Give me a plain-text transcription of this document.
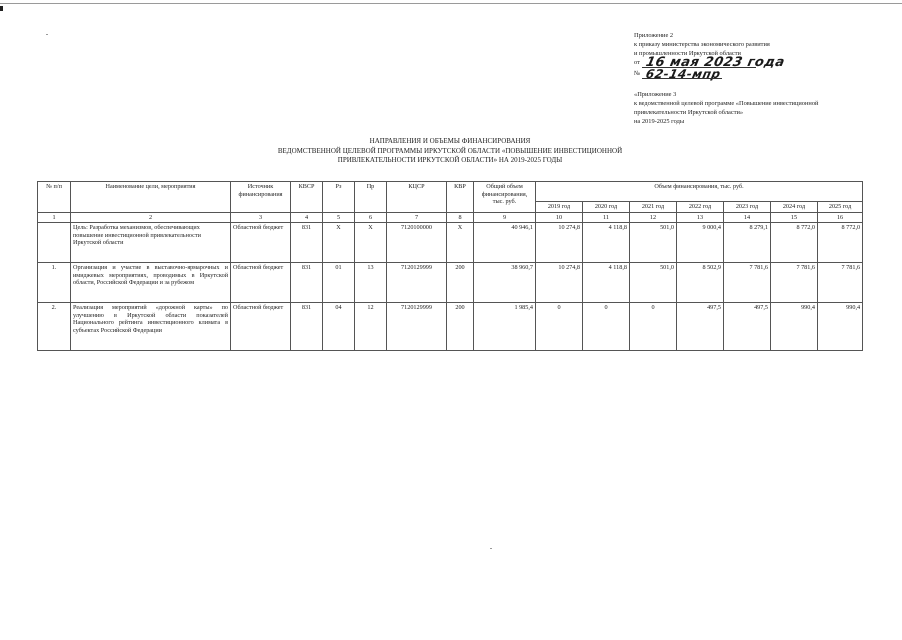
Приложение 2
к приказу министерства экономического развития
и промышленности Иркутской области
от 16 мая 2023 года
№ 62-14-мпр
«Приложение 3
к ведомственной целевой программе «Повышение инвестиционной
привлекательности Иркутской области»
на 2019-2025 годы
НАПРАВЛЕНИЯ И ОБЪЕМЫ ФИНАНСИРОВАНИЯ
ВЕДОМСТВЕННОЙ ЦЕЛЕВОЙ ПРОГРАММЫ ИРКУТСКОЙ ОБЛАСТИ «ПОВЫШЕНИЕ ИНВЕСТИЦИОННОЙ
ПРИВЛЕКАТЕЛЬНОСТИ ИРКУТСКОЙ ОБЛАСТИ» НА 2019-2025 ГОДЫ
№ п/п	Наименование цели, мероприятия	Источник финансирования	КВСР	Рз	Пр	КЦСР	КВР	Общий объем финансирования, тыс. руб.	Объем финансирования, тыс. руб.						
									2019 год	2020 год	2021 год	2022 год	2023 год	2024 год	2025 год
1	2	3	4	5	6	7	8	9	10	11	12	13	14	15	16
	Цель: Разработка механизмов, обеспечивающих повышение инвестиционной привлекательности Иркутской области	Областной бюджет	831	Х	Х	7120100000	Х	40 946,1	10 274,8	4 118,8	501,0	9 000,4	8 279,1	8 772,0	8 772,0
1.	Организация и участие в выставочно-ярмарочных и имиджевых мероприятиях, проводимых в Иркутской области, Российской Федерации и за рубежом	Областной бюджет	831	01	13	7120129999	200	38 960,7	10 274,8	4 118,8	501,0	8 502,9	7 781,6	7 781,6	7 781,6
2.	Реализация мероприятий «дорожной карты» по улучшению в Иркутской области показателей Национального рейтинга инвестиционного климата в субъектах Российской Федерации	Областной бюджет	831	04	12	7120129999	200	1 985,4	0	0	0	497,5	497,5	990,4	990,4
